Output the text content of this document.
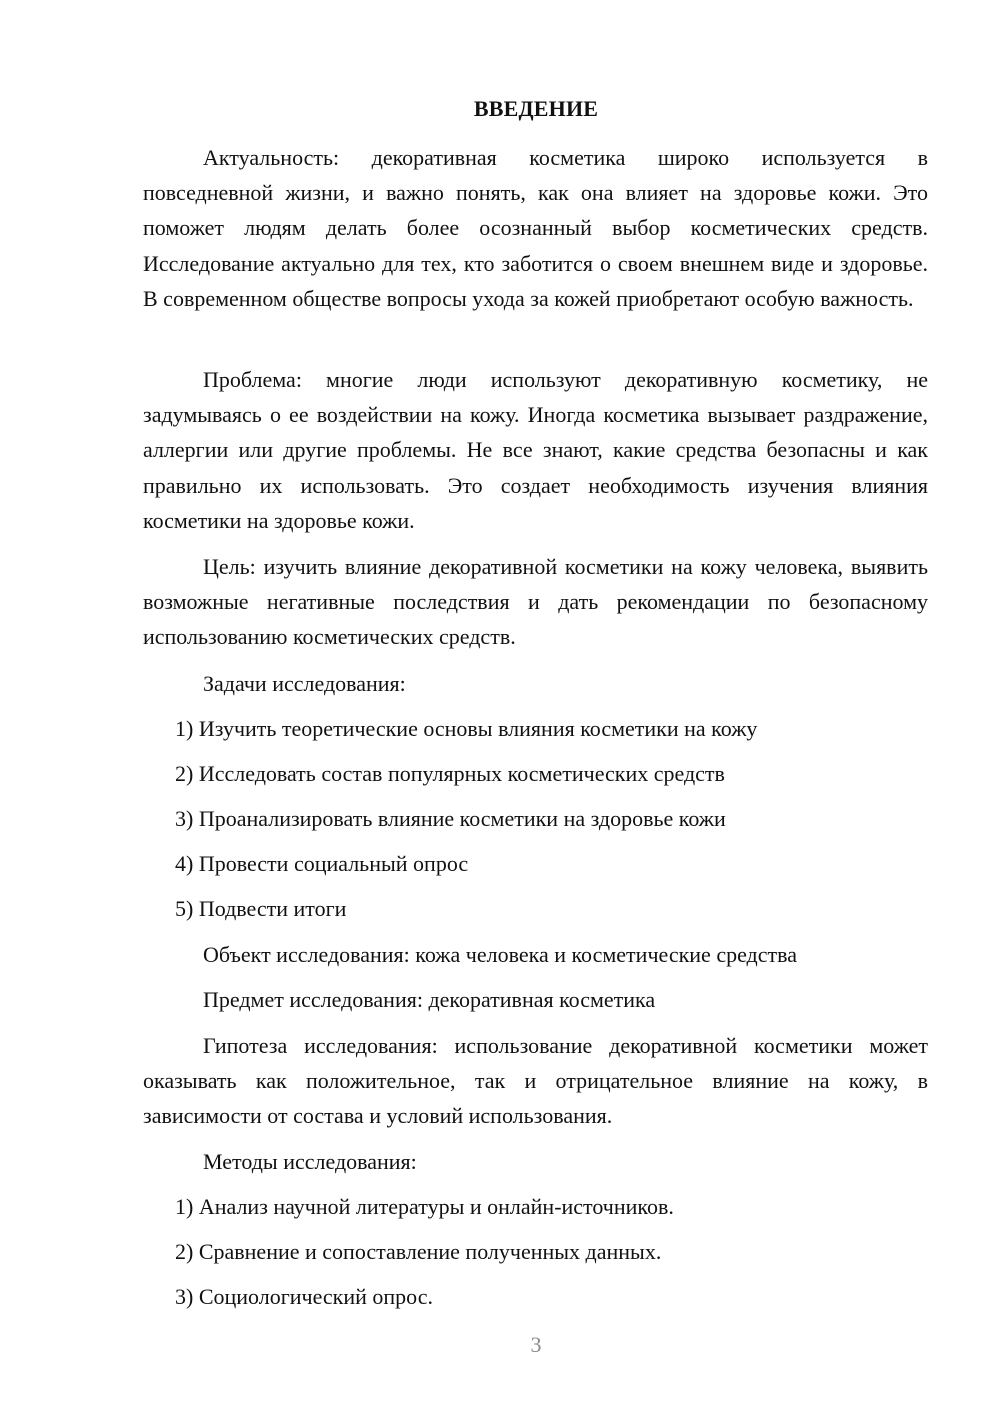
ВВЕДЕНИЕ

Актуальность: декоративная косметика широко используется в повседневной жизни, и важно понять, как она влияет на здоровье кожи. Это поможет людям делать более осознанный выбор косметических средств. Исследование актуально для тех, кто заботится о своем внешнем виде и здоровье. В современном обществе вопросы ухода за кожей приобретают особую важность.

Проблема: многие люди используют декоративную косметику, не задумываясь о ее воздействии на кожу. Иногда косметика вызывает раздражение, аллергии или другие проблемы. Не все знают, какие средства безопасны и как правильно их использовать. Это создает необходимость изучения влияния косметики на здоровье кожи.

Цель: изучить влияние декоративной косметики на кожу человека, выявить возможные негативные последствия и дать рекомендации по безопасному использованию косметических средств.

Задачи исследования:

1) Изучить теоретические основы влияния косметики на кожу

2) Исследовать состав популярных косметических средств

3) Проанализировать влияние косметики на здоровье кожи

4) Провести социальный опрос

5) Подвести итоги

Объект исследования: кожа человека и косметические средства

Предмет исследования: декоративная косметика

Гипотеза исследования: использование декоративной косметики может оказывать как положительное, так и отрицательное влияние на кожу, в зависимости от состава и условий использования.

Методы исследования:

1) Анализ научной литературы и онлайн-источников.

2) Сравнение и сопоставление полученных данных.

3) Социологический опрос.

3
